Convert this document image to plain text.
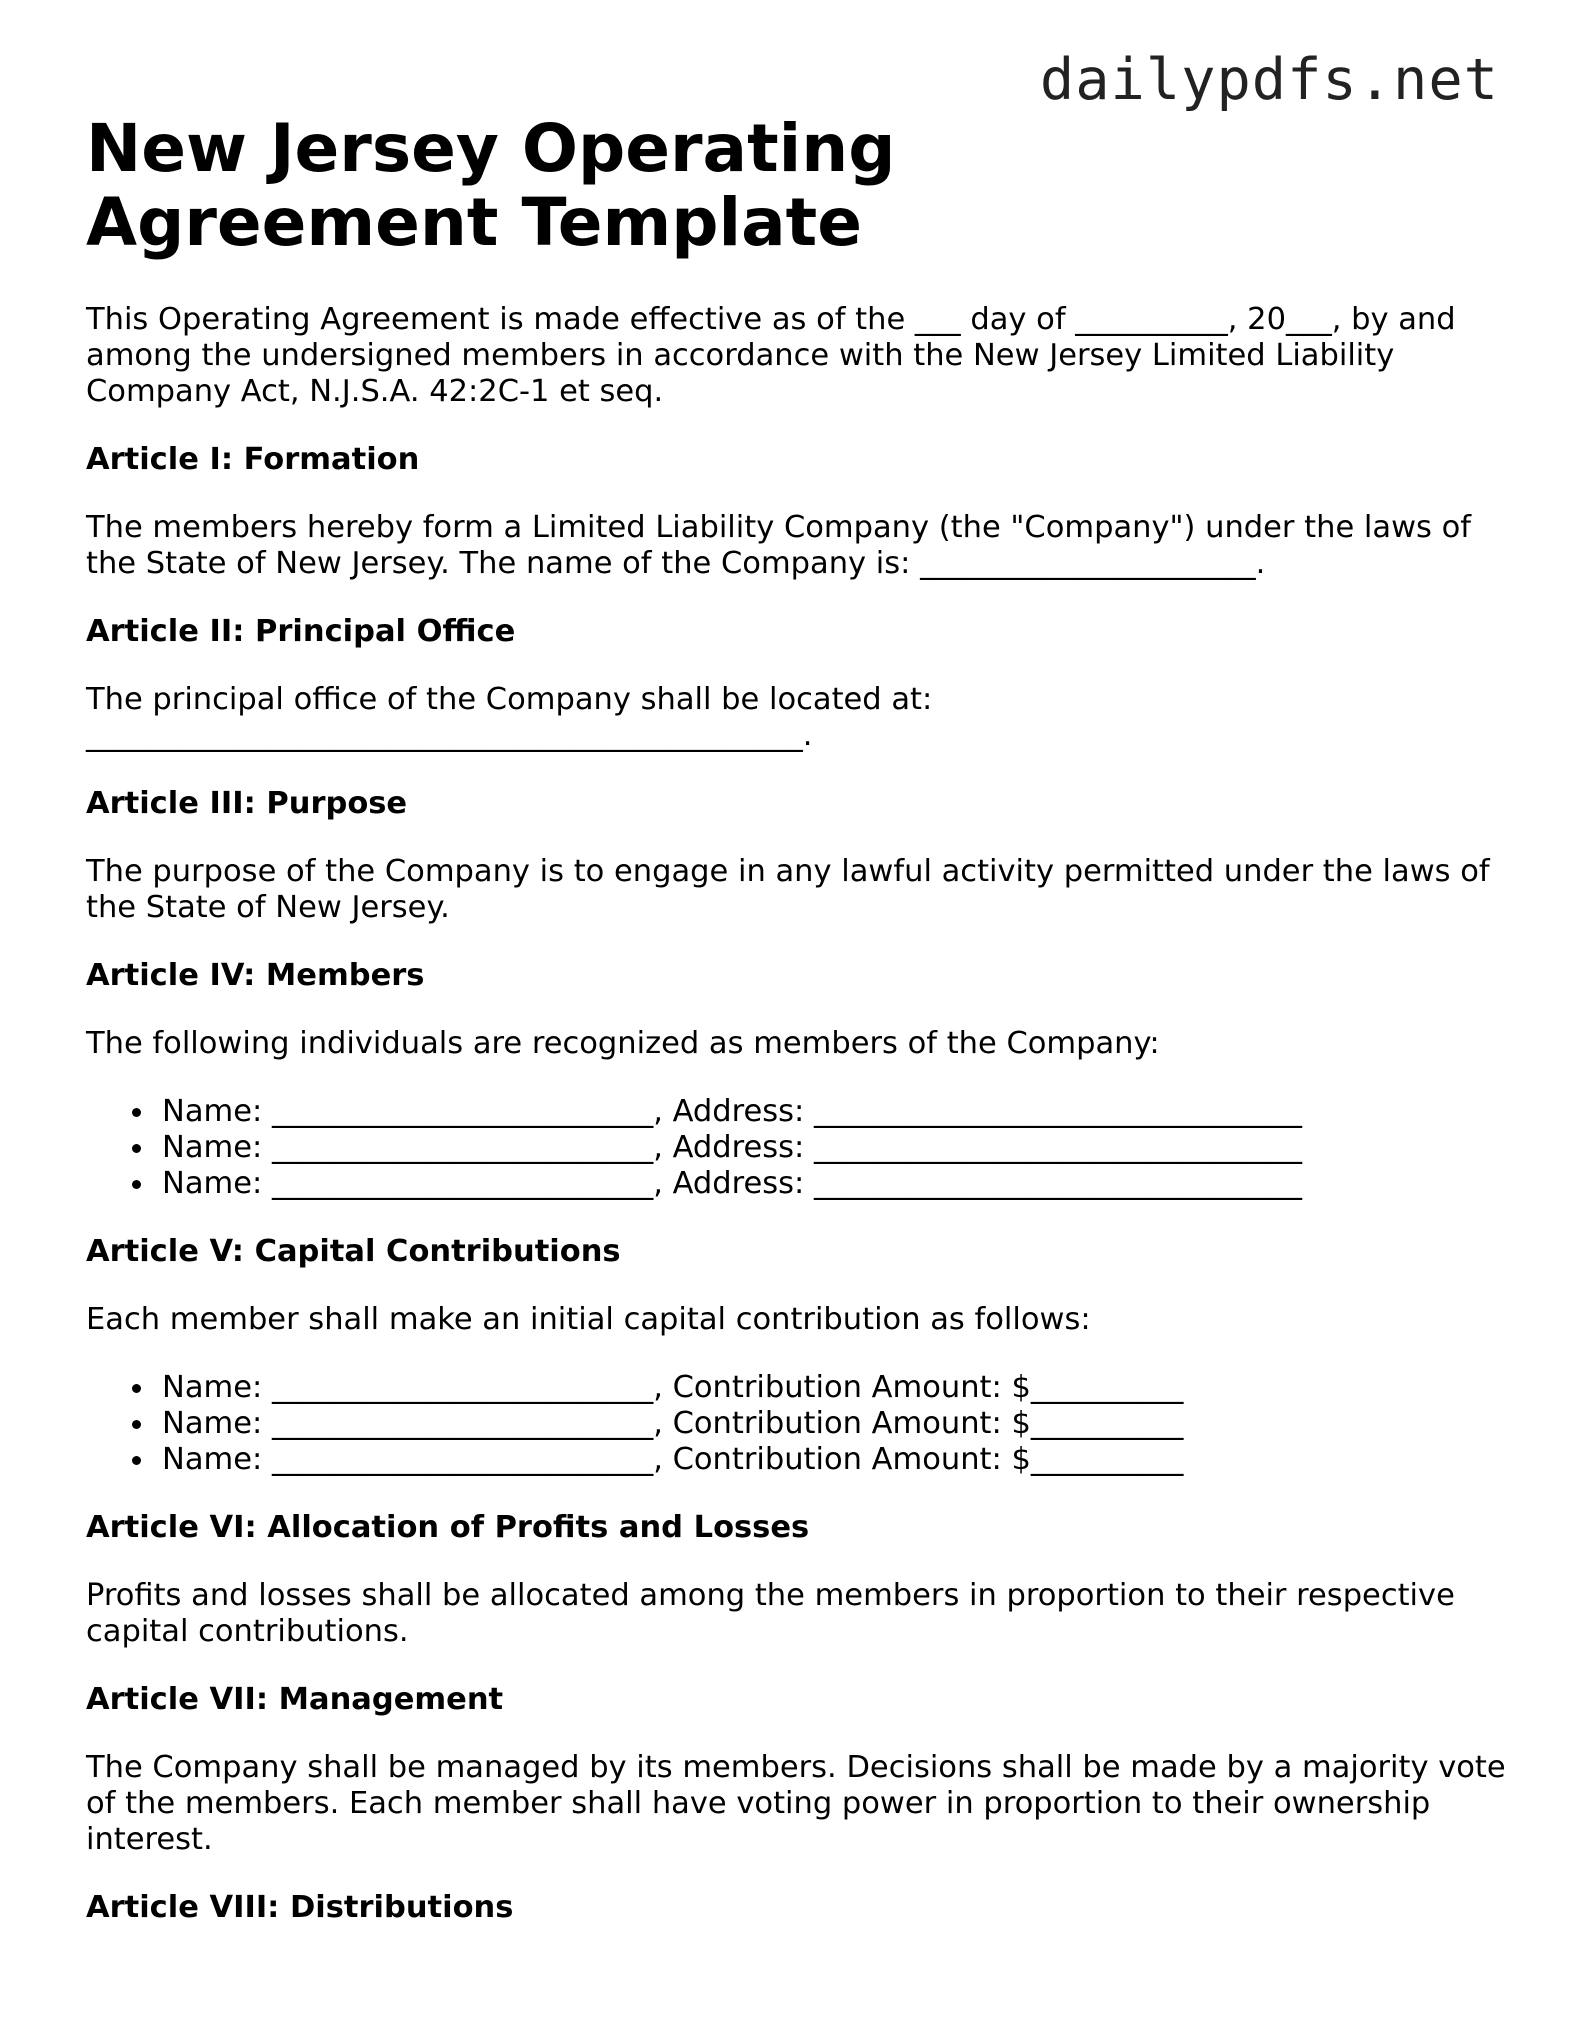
dailypdfs.net
New Jersey Operating Agreement Template

This Operating Agreement is made effective as of the ___ day of __________, 20___, by and among the undersigned members in accordance with the New Jersey Limited Liability Company Act, N.J.S.A. 42:2C-1 et seq.

Article I: Formation

The members hereby form a Limited Liability Company (the "Company") under the laws of the State of New Jersey. The name of the Company is: ______________________.

Article II: Principal Office

The principal office of the Company shall be located at: _______________________________________________.

Article III: Purpose

The purpose of the Company is to engage in any lawful activity permitted under the laws of the State of New Jersey.

Article IV: Members

The following individuals are recognized as members of the Company:

Name: _________________________, Address: ________________________________
Name: _________________________, Address: ________________________________
Name: _________________________, Address: ________________________________
Article V: Capital Contributions

Each member shall make an initial capital contribution as follows:

Name: _________________________, Contribution Amount: $__________
Name: _________________________, Contribution Amount: $__________
Name: _________________________, Contribution Amount: $__________
Article VI: Allocation of Profits and Losses

Profits and losses shall be allocated among the members in proportion to their respective capital contributions.

Article VII: Management

The Company shall be managed by its members. Decisions shall be made by a majority vote of the members. Each member shall have voting power in proportion to their ownership interest.

Article VIII: Distributions
